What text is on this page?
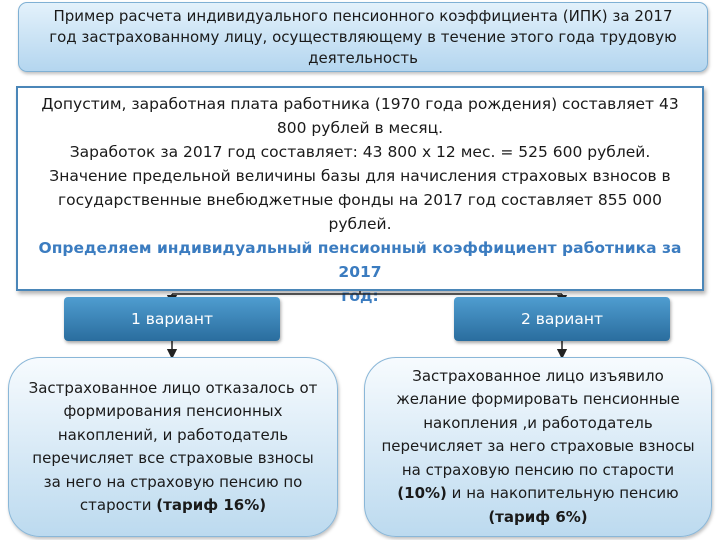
Пример расчета индивидуального пенсионного коэффициента (ИПК) за 2017
год застрахованному лицу, осуществляющему в течение этого года трудовую
деятельность
Допустим, заработная плата работника (1970 года рождения) составляет 43
800 рублей в месяц.
Заработок за 2017 год составляет: 43 800 х 12 мес. = 525 600 рублей.
Значение предельной величины базы для начисления страховых взносов в
государственные внебюджетные фонды на 2017 год составляет 855 000
рублей.
Определяем индивидуальный пенсионный коэффициент работника за 2017
год:
1 вариант	2 вариант
Застрахованное лицо отказалось от формирования пенсионных накоплений, и работодатель перечисляет все страховые взносы за него на страховую пенсию по старости (тариф 16%)
Застрахованное лицо изъявило желание формировать пенсионные накопления ,и работодатель перечисляет за него страховые взносы на страховую пенсию по старости (10%) и на накопительную пенсию (тариф 6%)
